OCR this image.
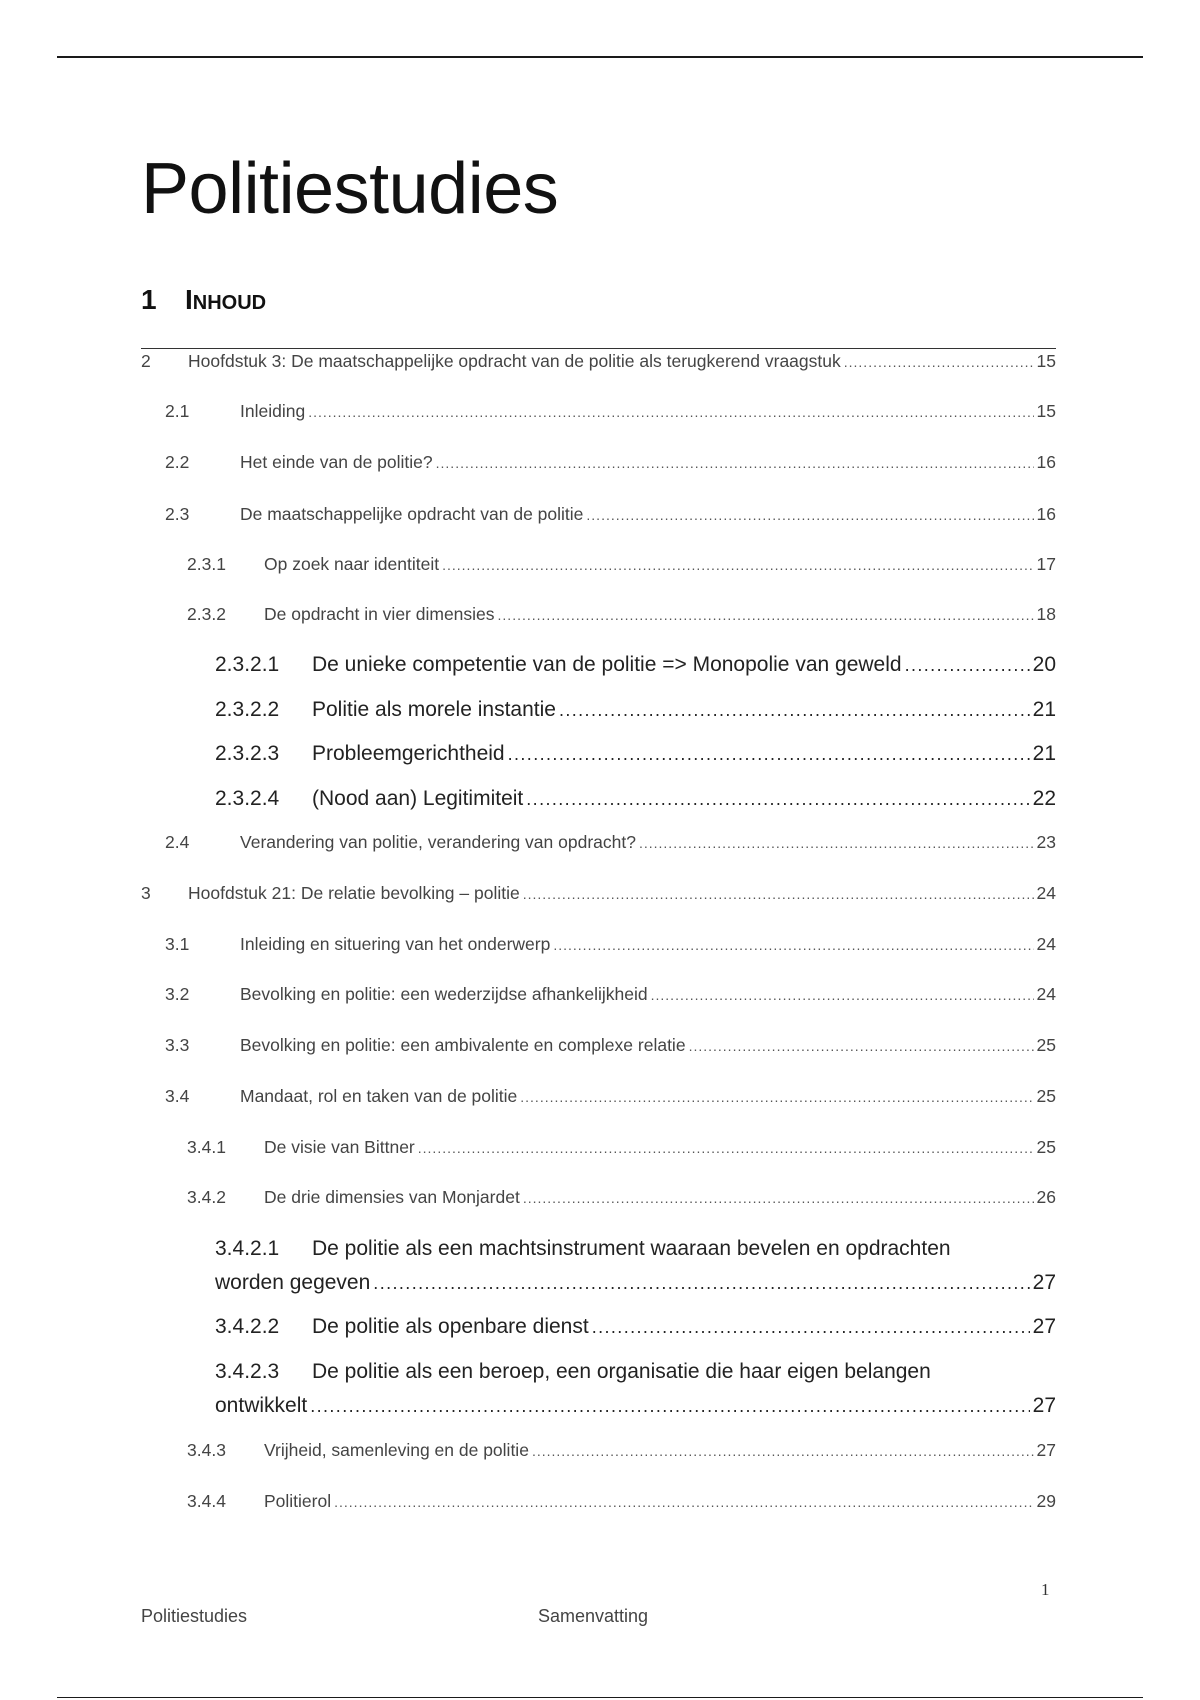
Politiestudies
1 Inhoud
2	Hoofdstuk 3: De maatschappelijke opdracht van de politie als terugkerend vraagstuk .....	15
2.1	Inleiding .....	15
2.2	Het einde van de politie? .....	16
2.3	De maatschappelijke opdracht van de politie .....	16
2.3.1	Op zoek naar identiteit .....	17
2.3.2	De opdracht in vier dimensies .....	18
2.3.2.1	De unieke competentie van de politie => Monopolie van geweld .....	20
2.3.2.2	Politie als morele instantie .....	21
2.3.2.3	Probleemgerichtheid .....	21
2.3.2.4	(Nood aan) Legitimiteit .....	22
2.4	Verandering van politie, verandering van opdracht? .....	23
3	Hoofdstuk 21: De relatie bevolking – politie .....	24
3.1	Inleiding en situering van het onderwerp .....	24
3.2	Bevolking en politie: een wederzijdse afhankelijkheid .....	24
3.3	Bevolking en politie: een ambivalente en complexe relatie .....	25
3.4	Mandaat, rol en taken van de politie .....	25
3.4.1	De visie van Bittner .....	25
3.4.2	De drie dimensies van Monjardet .....	26
3.4.2.1 De politie als een machtsinstrument waaraan bevelen en opdrachten
worden gegeven .....	27
3.4.2.2	De politie als openbare dienst .....	27
3.4.2.3 De politie als een beroep, een organisatie die haar eigen belangen
ontwikkelt .....	27
3.4.3	Vrijheid, samenleving en de politie .....	27
3.4.4	Politierol .....	29
1
Politiestudies	Samenvatting
